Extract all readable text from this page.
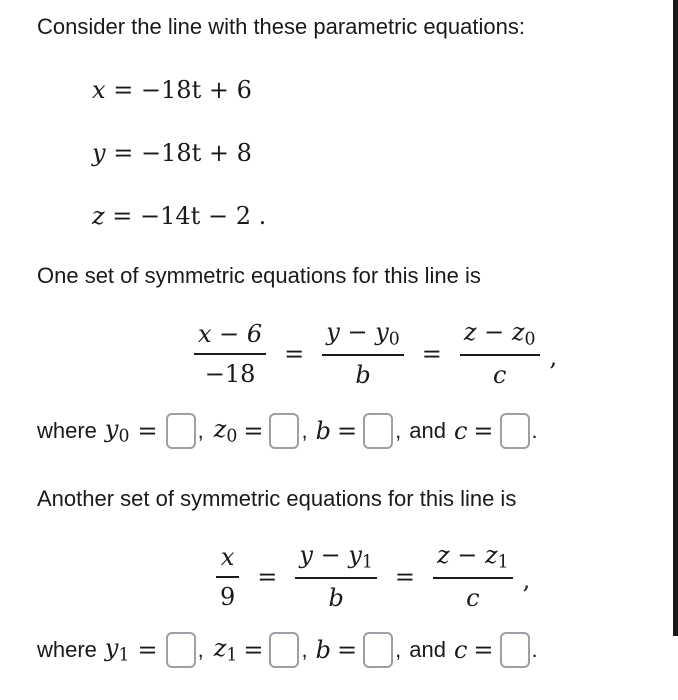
Consider the line with these parametric equations:
x = −18t + 6
y = −18t + 8
z = −14t − 2 .
One set of symmetric equations for this line is
$\frac{x - 6}{-18} = \frac{y - y_0}{b} = \frac{z - z_0}{c}$ ,
where $y_0$ = , $z_0$ = , b = , and c = .
Another set of symmetric equations for this line is
$\frac{x}{9} = \frac{y - y_1}{b} = \frac{z - z_1}{c}$ ,
where $y_1$ = , $z_1$ = , b = , and c = .
